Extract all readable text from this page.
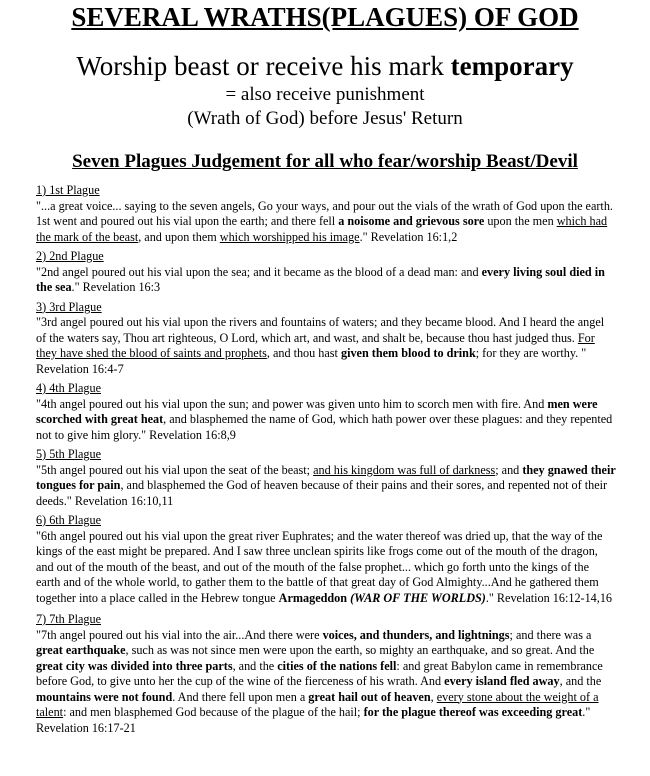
SEVERAL WRATHS(PLAGUES) OF GOD
Worship beast or receive his mark temporary
= also receive punishment
(Wrath of God) before Jesus' Return
Seven Plagues Judgement for all who fear/worship Beast/Devil
1) 1st Plague
"...a great voice... saying to the seven angels, Go your ways, and pour out the vials of the wrath of God upon the earth. 1st went and poured out his vial upon the earth; and there fell a noisome and grievous sore upon the men which had the mark of the beast, and upon them which worshipped his image." Revelation 16:1,2
2) 2nd Plague
"2nd angel poured out his vial upon the sea; and it became as the blood of a dead man: and every living soul died in the sea." Revelation 16:3
3) 3rd Plague
"3rd angel poured out his vial upon the rivers and fountains of waters; and they became blood. And I heard the angel of the waters say, Thou art righteous, O Lord, which art, and wast, and shalt be, because thou hast judged thus. For they have shed the blood of saints and prophets, and thou hast given them blood to drink; for they are worthy. " Revelation 16:4-7
4) 4th Plague
"4th angel poured out his vial upon the sun; and power was given unto him to scorch men with fire. And men were scorched with great heat, and blasphemed the name of God, which hath power over these plagues: and they repented not to give him glory." Revelation 16:8,9
5) 5th Plague
"5th angel poured out his vial upon the seat of the beast; and his kingdom was full of darkness; and they gnawed their tongues for pain, and blasphemed the God of heaven because of their pains and their sores, and repented not of their deeds." Revelation 16:10,11
6) 6th Plague
"6th angel poured out his vial upon the great river Euphrates; and the water thereof was dried up, that the way of the kings of the east might be prepared. And I saw three unclean spirits like frogs come out of the mouth of the dragon, and out of the mouth of the beast, and out of the mouth of the false prophet... which go forth unto the kings of the earth and of the whole world, to gather them to the battle of that great day of God Almighty...And he gathered them together into a place called in the Hebrew tongue Armageddon (WAR OF THE WORLDS)." Revelation 16:12-14,16
7) 7th Plague
"7th angel poured out his vial into the air...And there were voices, and thunders, and lightnings; and there was a great earthquake, such as was not since men were upon the earth, so mighty an earthquake, and so great. And the great city was divided into three parts, and the cities of the nations fell: and great Babylon came in remembrance before God, to give unto her the cup of the wine of the fierceness of his wrath. And every island fled away, and the mountains were not found. And there fell upon men a great hail out of heaven, every stone about the weight of a talent: and men blasphemed God because of the plague of the hail; for the plague thereof was exceeding great." Revelation 16:17-21
